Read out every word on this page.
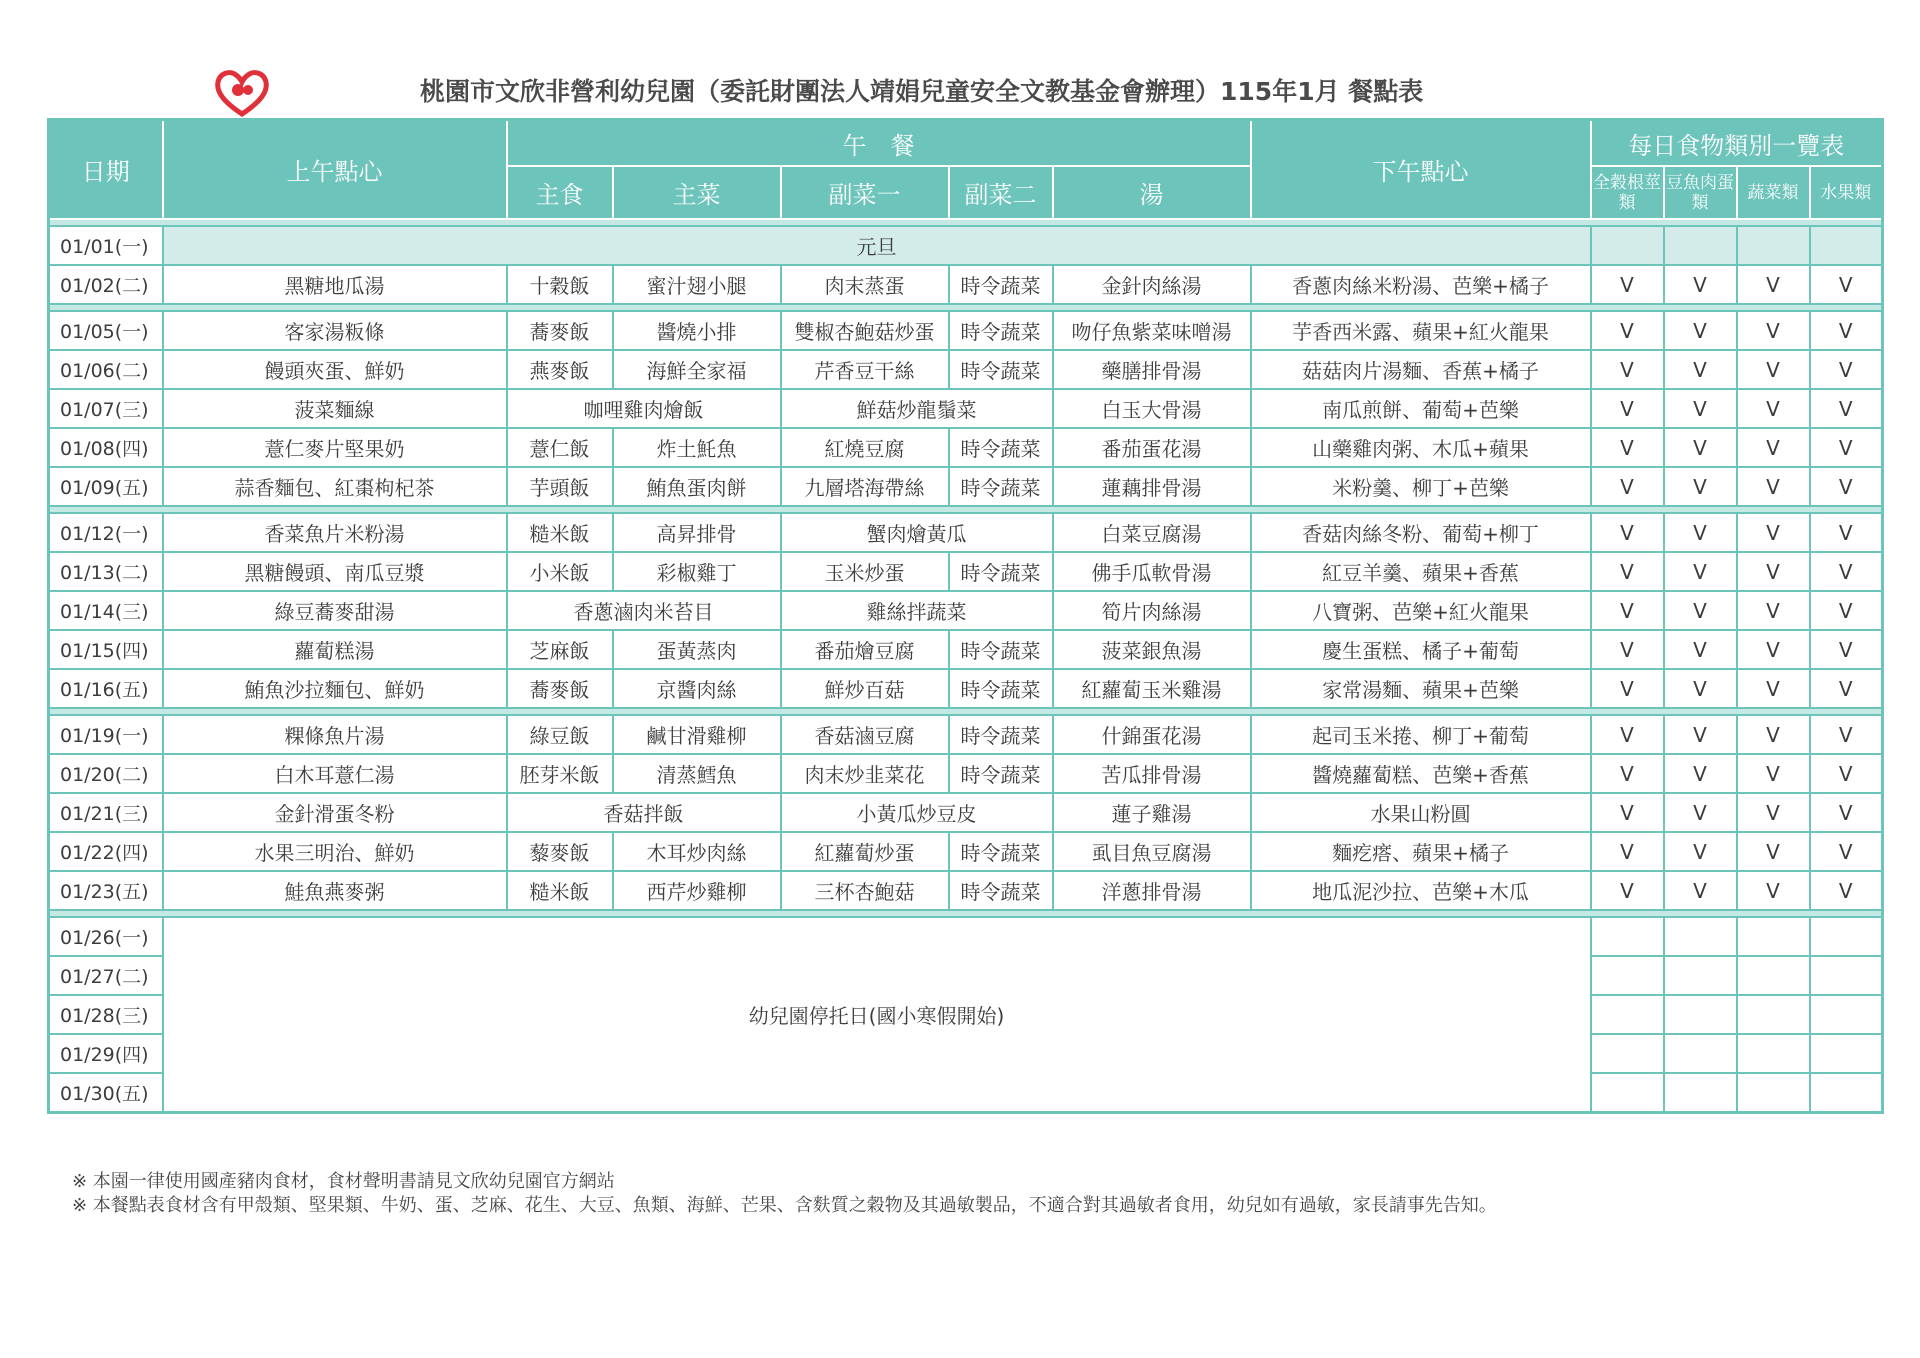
桃園市文欣非營利幼兒園（委託財團法人靖娟兒童安全文教基金會辦理）115年1月 餐點表
日期	上午點心	午　餐					下午點心	每日食物類別一覽表			
		主食	主菜	副菜一	副菜二	湯		全穀根莖類	豆魚肉蛋類	蔬菜類	水果類

01/01(一)	元旦										
01/02(二)	黑糖地瓜湯	十穀飯	蜜汁翅小腿	肉末蒸蛋	時令蔬菜	金針肉絲湯	香蔥肉絲米粉湯、芭樂+橘子	V	V	V	V

01/05(一)	客家湯粄條	蕎麥飯	醬燒小排	雙椒杏鮑菇炒蛋	時令蔬菜	吻仔魚紫菜味噌湯	芋香西米露、蘋果+紅火龍果	V	V	V	V
01/06(二)	饅頭夾蛋、鮮奶	燕麥飯	海鮮全家福	芹香豆干絲	時令蔬菜	藥膳排骨湯	菇菇肉片湯麵、香蕉+橘子	V	V	V	V
01/07(三)	菠菜麵線	咖哩雞肉燴飯		鮮菇炒龍鬚菜		白玉大骨湯	南瓜煎餅、葡萄+芭樂	V	V	V	V
01/08(四)	薏仁麥片堅果奶	薏仁飯	炸土魠魚	紅燒豆腐	時令蔬菜	番茄蛋花湯	山藥雞肉粥、木瓜+蘋果	V	V	V	V
01/09(五)	蒜香麵包、紅棗枸杞茶	芋頭飯	鮪魚蛋肉餅	九層塔海帶絲	時令蔬菜	蓮藕排骨湯	米粉羹、柳丁+芭樂	V	V	V	V

01/12(一)	香菜魚片米粉湯	糙米飯	高昇排骨	蟹肉燴黃瓜		白菜豆腐湯	香菇肉絲冬粉、葡萄+柳丁	V	V	V	V
01/13(二)	黑糖饅頭、南瓜豆漿	小米飯	彩椒雞丁	玉米炒蛋	時令蔬菜	佛手瓜軟骨湯	紅豆羊羹、蘋果+香蕉	V	V	V	V
01/14(三)	綠豆蕎麥甜湯	香蔥滷肉米苔目		雞絲拌蔬菜		筍片肉絲湯	八寶粥、芭樂+紅火龍果	V	V	V	V
01/15(四)	蘿蔔糕湯	芝麻飯	蛋黃蒸肉	番茄燴豆腐	時令蔬菜	菠菜銀魚湯	慶生蛋糕、橘子+葡萄	V	V	V	V
01/16(五)	鮪魚沙拉麵包、鮮奶	蕎麥飯	京醬肉絲	鮮炒百菇	時令蔬菜	紅蘿蔔玉米雞湯	家常湯麵、蘋果+芭樂	V	V	V	V

01/19(一)	粿條魚片湯	綠豆飯	鹹甘滑雞柳	香菇滷豆腐	時令蔬菜	什錦蛋花湯	起司玉米捲、柳丁+葡萄	V	V	V	V
01/20(二)	白木耳薏仁湯	胚芽米飯	清蒸鱈魚	肉末炒韭菜花	時令蔬菜	苦瓜排骨湯	醬燒蘿蔔糕、芭樂+香蕉	V	V	V	V
01/21(三)	金針滑蛋冬粉	香菇拌飯		小黃瓜炒豆皮		蓮子雞湯	水果山粉圓	V	V	V	V
01/22(四)	水果三明治、鮮奶	藜麥飯	木耳炒肉絲	紅蘿蔔炒蛋	時令蔬菜	虱目魚豆腐湯	麵疙瘩、蘋果+橘子	V	V	V	V
01/23(五)	鮭魚燕麥粥	糙米飯	西芹炒雞柳	三杯杏鮑菇	時令蔬菜	洋蔥排骨湯	地瓜泥沙拉、芭樂+木瓜	V	V	V	V

01/26(一)	幼兒園停托日(國小寒假開始)										
01/27(二)											
01/28(三)											
01/29(四)											
01/30(五)											
※ 本園一律使用國產豬肉食材，食材聲明書請見文欣幼兒園官方網站
※ 本餐點表食材含有甲殼類、堅果類、牛奶、蛋、芝麻、花生、大豆、魚類、海鮮、芒果、含麩質之穀物及其過敏製品，不適合對其過敏者食用，幼兒如有過敏，家長請事先告知。
